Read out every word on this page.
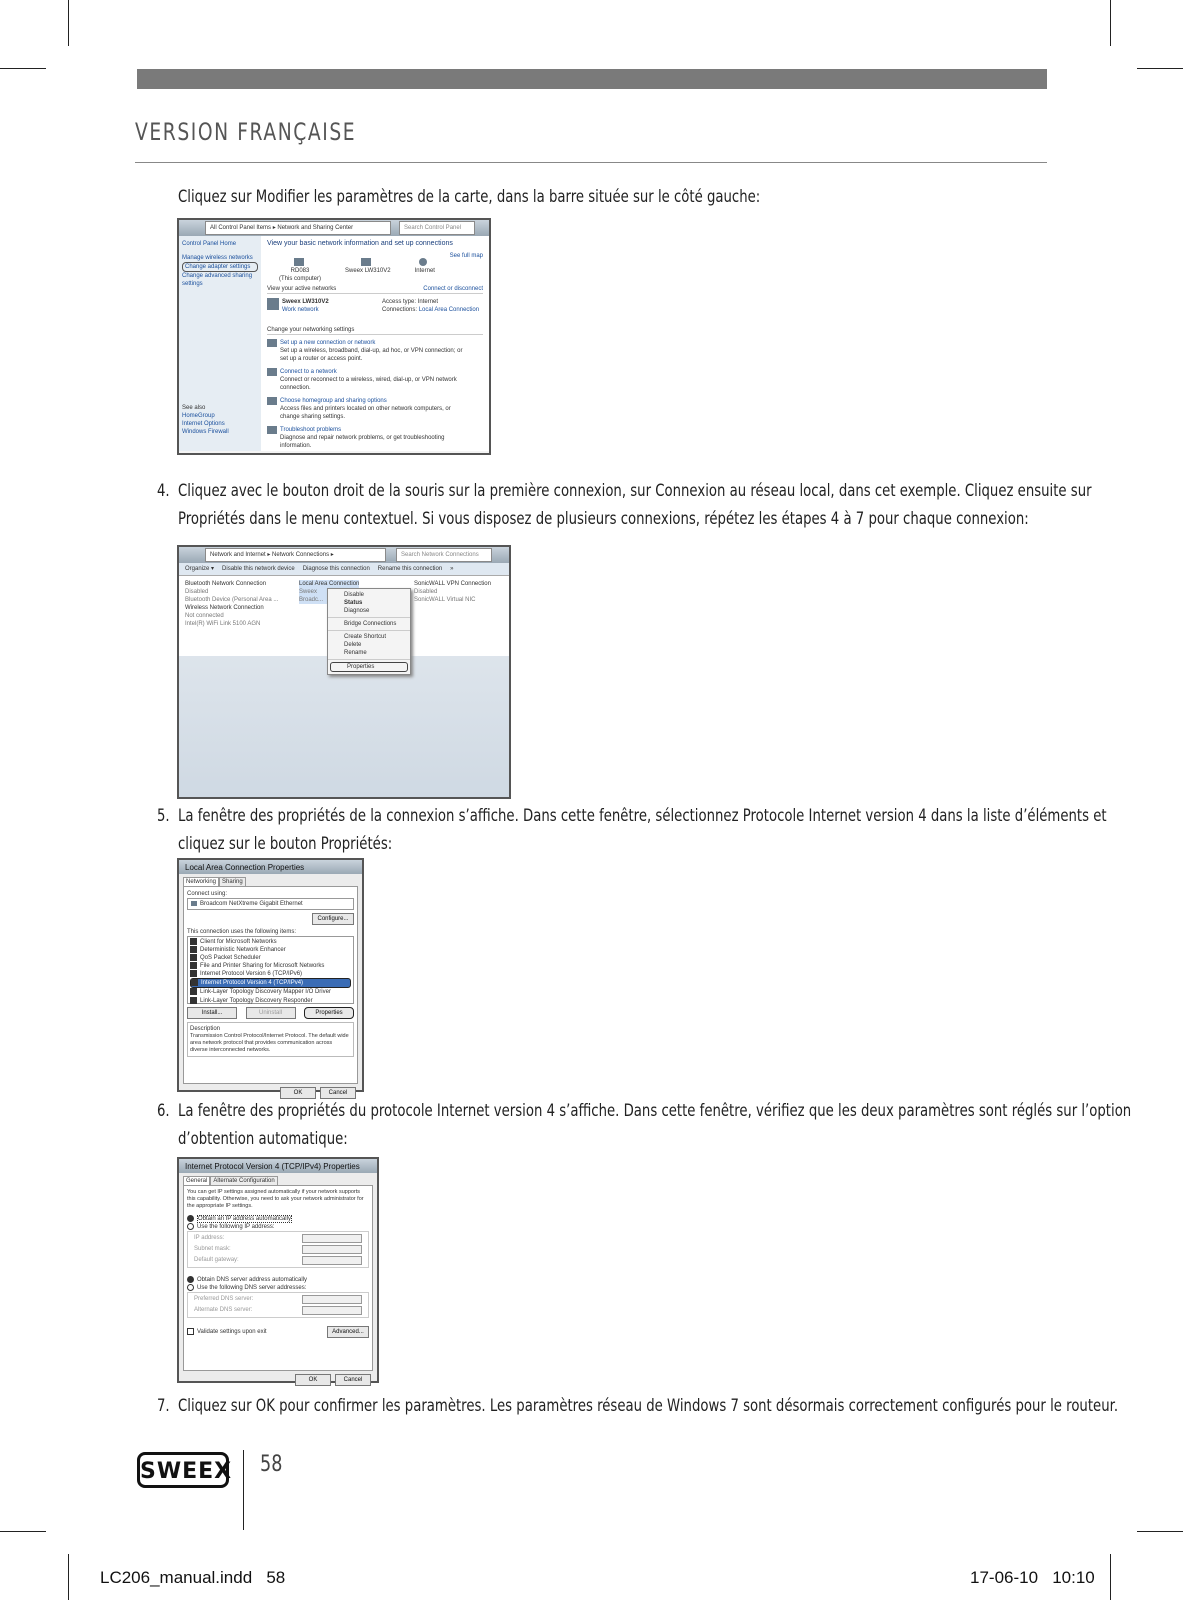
VERSION FRANÇAISE
Cliquez sur Modifier les paramètres de la carte, dans la barre située sur le côté gauche:
All Control Panel Items ▸ Network and Sharing Center	Search Control Panel
Control Panel Home
Manage wireless networks
Change adapter settings
Change advanced sharing
settings
See also
HomeGroup
Internet Options
Windows Firewall
View your basic network information and set up connections
See full map

RD083
(This computer)

Sweex LW310V2	Internet
View your active networks	Connect or disconnect
Sweex LW310V2
Work network
Access type: Internet
Connections: Local Area Connection
Change your networking settings
Set up a new connection or network
Set up a wireless, broadband, dial-up, ad hoc, or VPN connection; or set up a router or access point.
Connect to a network
Connect or reconnect to a wireless, wired, dial-up, or VPN network connection.
Choose homegroup and sharing options
Access files and printers located on other network computers, or change sharing settings.
Troubleshoot problems
Diagnose and repair network problems, or get troubleshooting information.
4. Cliquez avec le bouton droit de la souris sur la première connexion, sur Connexion au réseau local, dans cet exemple. Cliquez ensuite sur
Propriétés dans le menu contextuel. Si vous disposez de plusieurs connexions, répétez les étapes 4 à 7 pour chaque connexion:
Network and Internet ▸ Network Connections ▸	Search Network Connections
Organize ▾ Disable this network device Diagnose this connection Rename this connection »
Bluetooth Network Connection
Disabled
Bluetooth Device (Personal Area ...
Wireless Network Connection
Not connected
Intel(R) WiFi Link 5100 AGN
Local Area Connection
Sweex
Broadc...
SonicWALL VPN Connection
Disabled
SonicWALL Virtual NIC
Disable
Status
Diagnose
Bridge Connections
Create Shortcut
Delete
Rename
Properties
5. La fenêtre des propriétés de la connexion s’affiche. Dans cette fenêtre, sélectionnez Protocole Internet version 4 dans la liste d’éléments et
cliquez sur le bouton Propriétés:
Local Area Connection Properties
Networking	Sharing
Connect using:
Broadcom NetXtreme Gigabit Ethernet
Configure...
This connection uses the following items:
Client for Microsoft Networks
Deterministic Network Enhancer
QoS Packet Scheduler
File and Printer Sharing for Microsoft Networks
Internet Protocol Version 6 (TCP/IPv6)
Internet Protocol Version 4 (TCP/IPv4)
Link-Layer Topology Discovery Mapper I/O Driver
Link-Layer Topology Discovery Responder
Install...	Uninstall	Properties
Description
Transmission Control Protocol/Internet Protocol. The default wide area network protocol that provides communication across diverse interconnected networks.
OK	Cancel
6. La fenêtre des propriétés du protocole Internet version 4 s’affiche. Dans cette fenêtre, vérifiez que les deux paramètres sont réglés sur l’option
d’obtention automatique:
Internet Protocol Version 4 (TCP/IPv4) Properties
General	Alternate Configuration
You can get IP settings assigned automatically if your network supports this capability. Otherwise, you need to ask your network administrator for the appropriate IP settings.
Obtain an IP address automatically
Use the following IP address:
IP address:
Subnet mask:
Default gateway:
Obtain DNS server address automatically
Use the following DNS server addresses:
Preferred DNS server:
Alternate DNS server:
Validate settings upon exit	Advanced...
OK	Cancel
7. Cliquez sur OK pour confirmer les paramètres. Les paramètres réseau de Windows 7 sont désormais correctement configurés pour le routeur.
SWEEX 58
LC206_manual.indd   58	17-06-10   10:10
